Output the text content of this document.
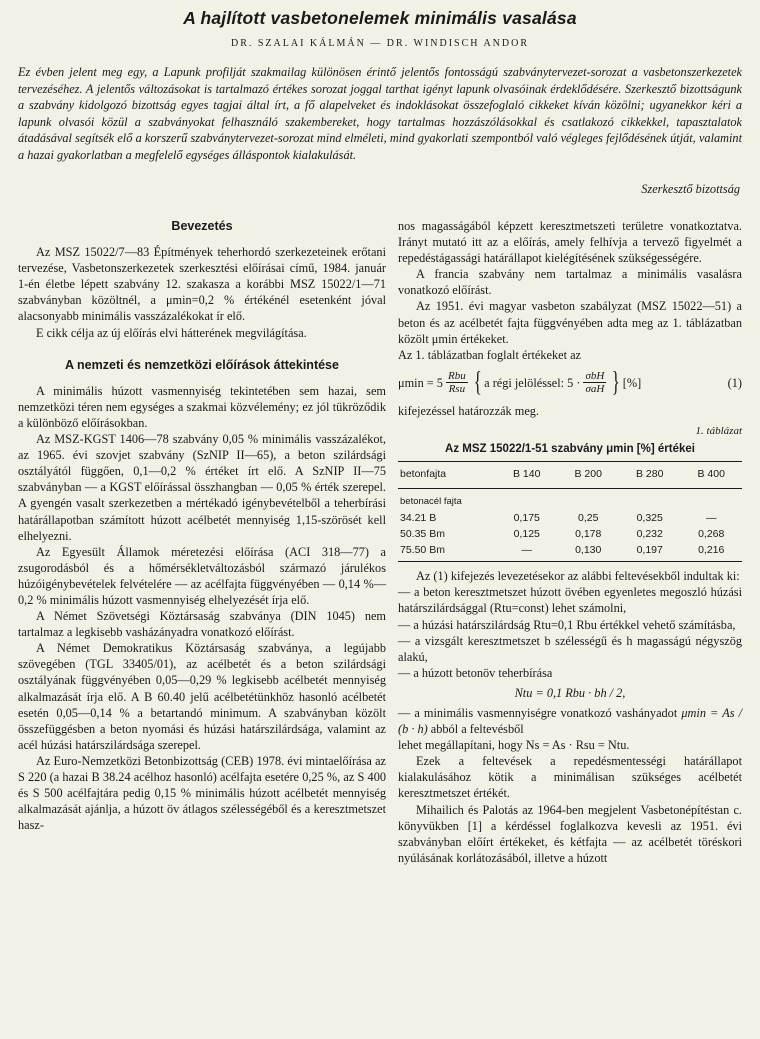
A hajlított vasbetonelemek minimális vasalása
DR. SZALAI KÁLMÁN — DR. WINDISCH ANDOR

Ez évben jelent meg egy, a Lapunk profilját szakmailag különösen érintő jelentős fontosságú szabványtervezet-sorozat a vasbetonszerkezetek tervezéséhez. A jelentős változásokat is tartalmazó értékes sorozat joggal tarthat igényt lapunk olvasóinak érdeklődésére. Szerkesztő bizottságunk a szabvány kidolgozó bizottság egyes tagjai által írt, a fő alapelveket és indoklásokat összefoglaló cikkeket kíván közölni; ugyanekkor kéri a lapunk olvasói közül a szabványokat felhasználó szakembereket, hogy tartalmas hozzászólásokkal és csatlakozó cikkekkel, tapasztalatok átadásával segítsék elő a korszerű szabványtervezet-sorozat mind elméleti, mind gyakorlati szempontból való végleges fejlődésének útját, valamint a hazai gyakorlatban a megfelelő egységes álláspontok kialakulását.

Szerkesztő bizottság
Bevezetés

Az MSZ 15022/7—83 Építmények teherhordó szerkezeteinek erőtani tervezése, Vasbetonszerkezetek szerkesztési előírásai című, 1984. január 1-én életbe lépett szabvány 12. szakasza a korábbi MSZ 15022/1—71 szabványban közöltnél, a μmin=0,2 % értékénél esetenként jóval alacsonyabb minimális vasszázalékokat ír elő.

E cikk célja az új előírás elvi hátterének megvilágítása.

A nemzeti és nemzetközi előírások áttekintése

A minimális húzott vasmennyiség tekintetében sem hazai, sem nemzetközi téren nem egységes a szakmai közvélemény; ez jól tükröződik a különböző előírásokban.

Az MSZ-KGST 1406—78 szabvány 0,05 % minimális vasszázalékot, az 1965. évi szovjet szabvány (SzNIP II—65), a beton szilárdsági osztályától függően, 0,1—0,2 % értéket írt elő. A SzNIP II—75 szabványban — a KGST előírással összhangban — 0,05 % érték szerepel. A gyengén vasalt szerkezetben a mértékadó igénybevételből a teherbírási határállapotban számított húzott acélbetét mennyiség 1,15-szörösét kell elhelyezni.

Az Egyesült Államok méretezési előírása (ACI 318—77) a zsugorodásból és a hőmérsékletváltozásból származó járulékos húzóigénybevételek felvételére — az acélfajta függvényében — 0,14 %—0,2 % minimális húzott vasmennyiség elhelyezését írja elő.

A Német Szövetségi Köztársaság szabványa (DIN 1045) nem tartalmaz a legkisebb vasházányadra vonatkozó előírást.

A Német Demokratikus Köztársaság szabványa, a legújabb szövegében (TGL 33405/01), az acélbetét és a beton szilárdsági osztályának függvényében 0,05—0,29 % legkisebb acélbetét mennyiség alkalmazását írja elő. A B 60.40 jelű acélbetétünkhöz hasonló acélbetét esetén 0,05—0,14 % a betartandó minimum. A szabványban közölt összefüggésben a beton nyomási és húzási határszilárdsága, valamint az acél húzási határszilárdsága szerepel.

Az Euro-Nemzetközi Betonbizottság (CEB) 1978. évi mintaelőírása az S 220 (a hazai B 38.24 acélhoz hasonló) acélfajta esetére 0,25 %, az S 400 és S 500 acélfajtára pedig 0,15 % minimális húzott acélbetét mennyiség alkalmazását ajánlja, a húzott öv átlagos szélességéből és a keresztmetszet hasz-

nos magasságából képzett keresztmetszeti területre vonatkoztatva. Irányt mutató itt az a előírás, amely felhívja a tervező figyelmét a repedéstágassági határállapot kielégítésének szükségességére.

A francia szabvány nem tartalmaz a minimális vasalásra vonatkozó előírást.

Az 1951. évi magyar vasbeton szabályzat (MSZ 15022—51) a beton és az acélbetét fajta függvényében adta meg az 1. táblázatban közölt μmin értékeket.

Az 1. táblázatban foglalt értékeket az

$\mu\min = 5 \frac{\text{Rbu}}{\text{Rsu}}$ { a régi jelöléssel: $5 \cdot \frac{\text{σbH}}{\text{σaH}}$ } [%]	(1)

kifejezéssel határozzák meg.

1. táblázat
Az MSZ 15022/1-51 szabvány μmin [%] értékei
betonfajta	B 140	B 200	B 280	B 400
betonacél fajta				
34.21 B	0,175	0,25	0,325	—
50.35 Bm	0,125	0,178	0,232	0,268
75.50 Bm	—	0,130	0,197	0,216

Az (1) kifejezés levezetésekor az alábbi feltevésekből indultak ki:

— a beton keresztmetszet húzott övében egyenletes megoszló húzási határszilárdsággal (Rtu=const) lehet számolni,
— a húzási határszilárdság Rtu=0,1 Rbu értékkel vehető számításba,
— a vizsgált keresztmetszet b szélességű és h magasságú négyszög alakú,
— a húzott betonöv teherbírása
Ntu = 0,1 Rbu · bh / 2,
— a minimális vasmennyiségre vonatkozó vashányadot μmin = As / (b · h) abból a feltevésből
lehet megállapítani, hogy Ns = As · Rsu = Ntu.

Ezek a feltevések a repedésmentességi határállapot kialakulásához kötik a minimálisan szükséges acélbetét keresztmetszet értékét.

Mihailich és Palotás az 1964-ben megjelent Vasbetonépítéstan c. könyvükben [1] a kérdéssel foglalkozva kevesli az 1951. évi szabványban előírt értékeket, és kétfajta — az acélbetét töréskori nyúlásának korlátozásából, illetve a húzott
